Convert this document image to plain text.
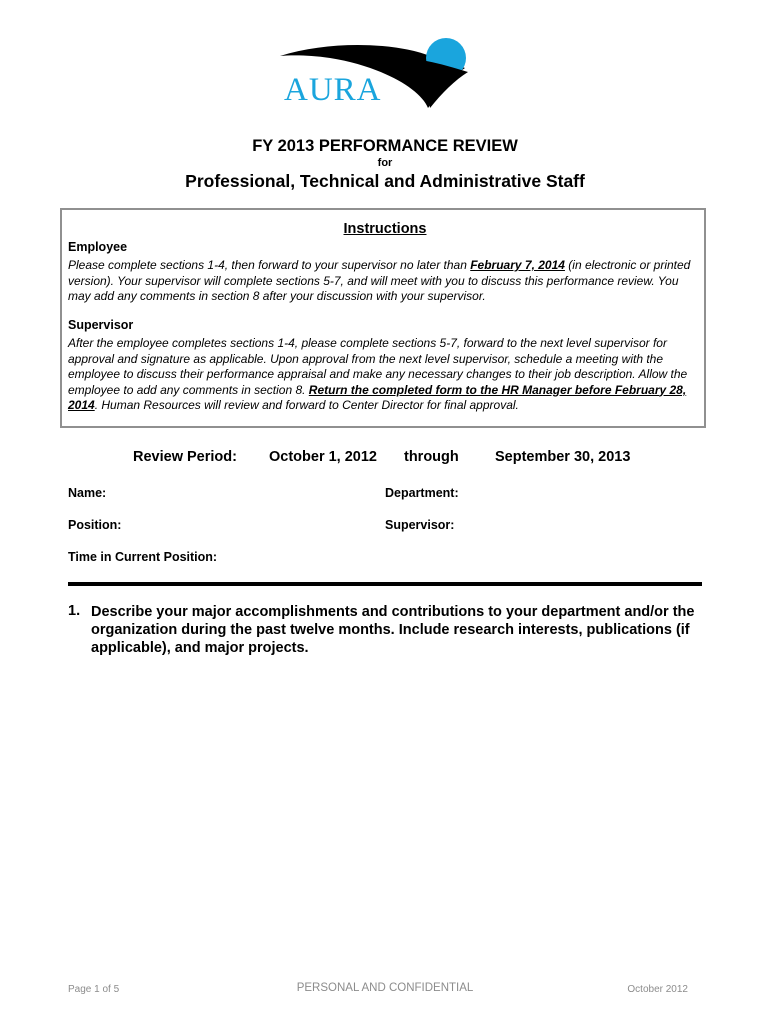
AURA
FY 2013 PERFORMANCE REVIEW
for
Professional, Technical and Administrative Staff
Instructions
Employee
Please complete sections 1-4, then forward to your supervisor no later than February 7, 2014 (in electronic or printed version). Your supervisor will complete sections 5-7, and will meet with you to discuss this performance review. You may add any comments in section 8 after your discussion with your supervisor.
Supervisor
After the employee completes sections 1-4, please complete sections 5-7, forward to the next level supervisor for approval and signature as applicable. Upon approval from the next level supervisor, schedule a meeting with the employee to discuss their performance appraisal and make any necessary changes to their job description. Allow the employee to add any comments in section 8. Return the completed form to the HR Manager before February 28, 2014. Human Resources will review and forward to Center Director for final approval.
Review Period: October 1, 2012 through September 30, 2013
Name:	Department:
Position:	Supervisor:
Time in Current Position:
1. Describe your major accomplishments and contributions to your department and/or the organization during the past twelve months. Include research interests, publications (if applicable), and major projects.
Page 1 of 5	PERSONAL AND CONFIDENTIAL	October 2012
